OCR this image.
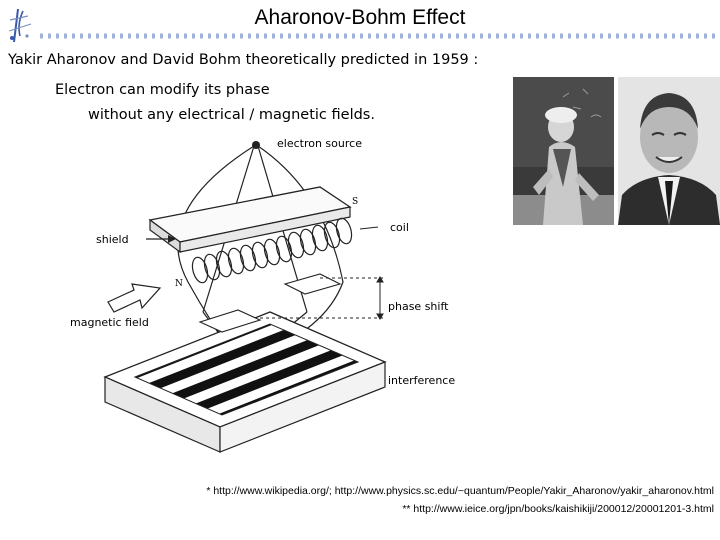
Aharonov-Bohm Effect
Yakir Aharonov and David Bohm theoretically predicted in 1959 :
Electron can modify its phase
without any electrical / magnetic fields.
S
N
electron source
coil
shield
phase shift
magnetic field
interference
* http://www.wikipedia.org/; http://www.physics.sc.edu/~quantum/People/Yakir_Aharonov/yakir_aharonov.html
** http://www.ieice.org/jpn/books/kaishikiji/200012/20001201-3.html
